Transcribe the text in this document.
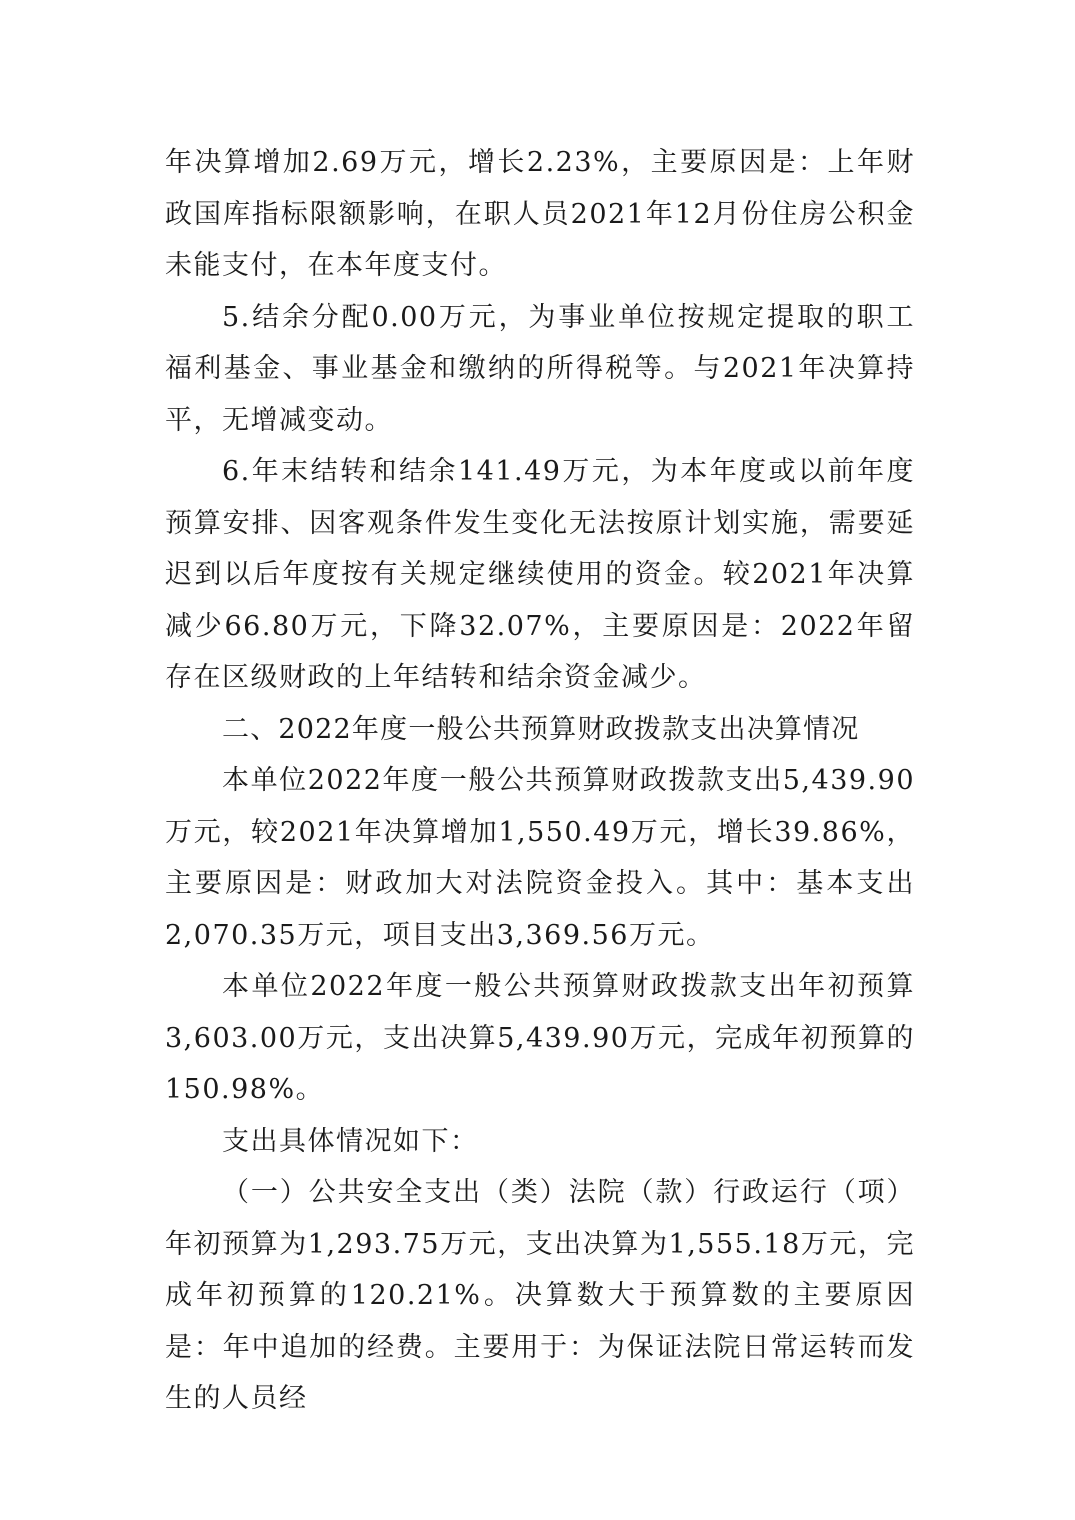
年决算增加2.69万元，增长2.23%，主要原因是：上年财政国库指标限额影响，在职人员2021年12月份住房公积金未能支付，在本年度支付。

5.结余分配0.00万元，为事业单位按规定提取的职工福利基金、事业基金和缴纳的所得税等。与2021年决算持平，无增减变动。

6.年末结转和结余141.49万元，为本年度或以前年度预算安排、因客观条件发生变化无法按原计划实施，需要延迟到以后年度按有关规定继续使用的资金。较2021年决算减少66.80万元，下降32.07%，主要原因是：2022年留存在区级财政的上年结转和结余资金减少。

二、2022年度一般公共预算财政拨款支出决算情况

本单位2022年度一般公共预算财政拨款支出5,439.90万元，较2021年决算增加1,550.49万元，增长39.86%，主要原因是：财政加大对法院资金投入。其中：基本支出2,070.35万元，项目支出3,369.56万元。

本单位2022年度一般公共预算财政拨款支出年初预算3,603.00万元，支出决算5,439.90万元，完成年初预算的150.98%。

支出具体情况如下：

（一）公共安全支出（类）法院（款）行政运行（项）年初预算为1,293.75万元，支出决算为1,555.18万元，完成年初预算的120.21%。决算数大于预算数的主要原因是：年中追加的经费。主要用于：为保证法院日常运转而发生的人员经
